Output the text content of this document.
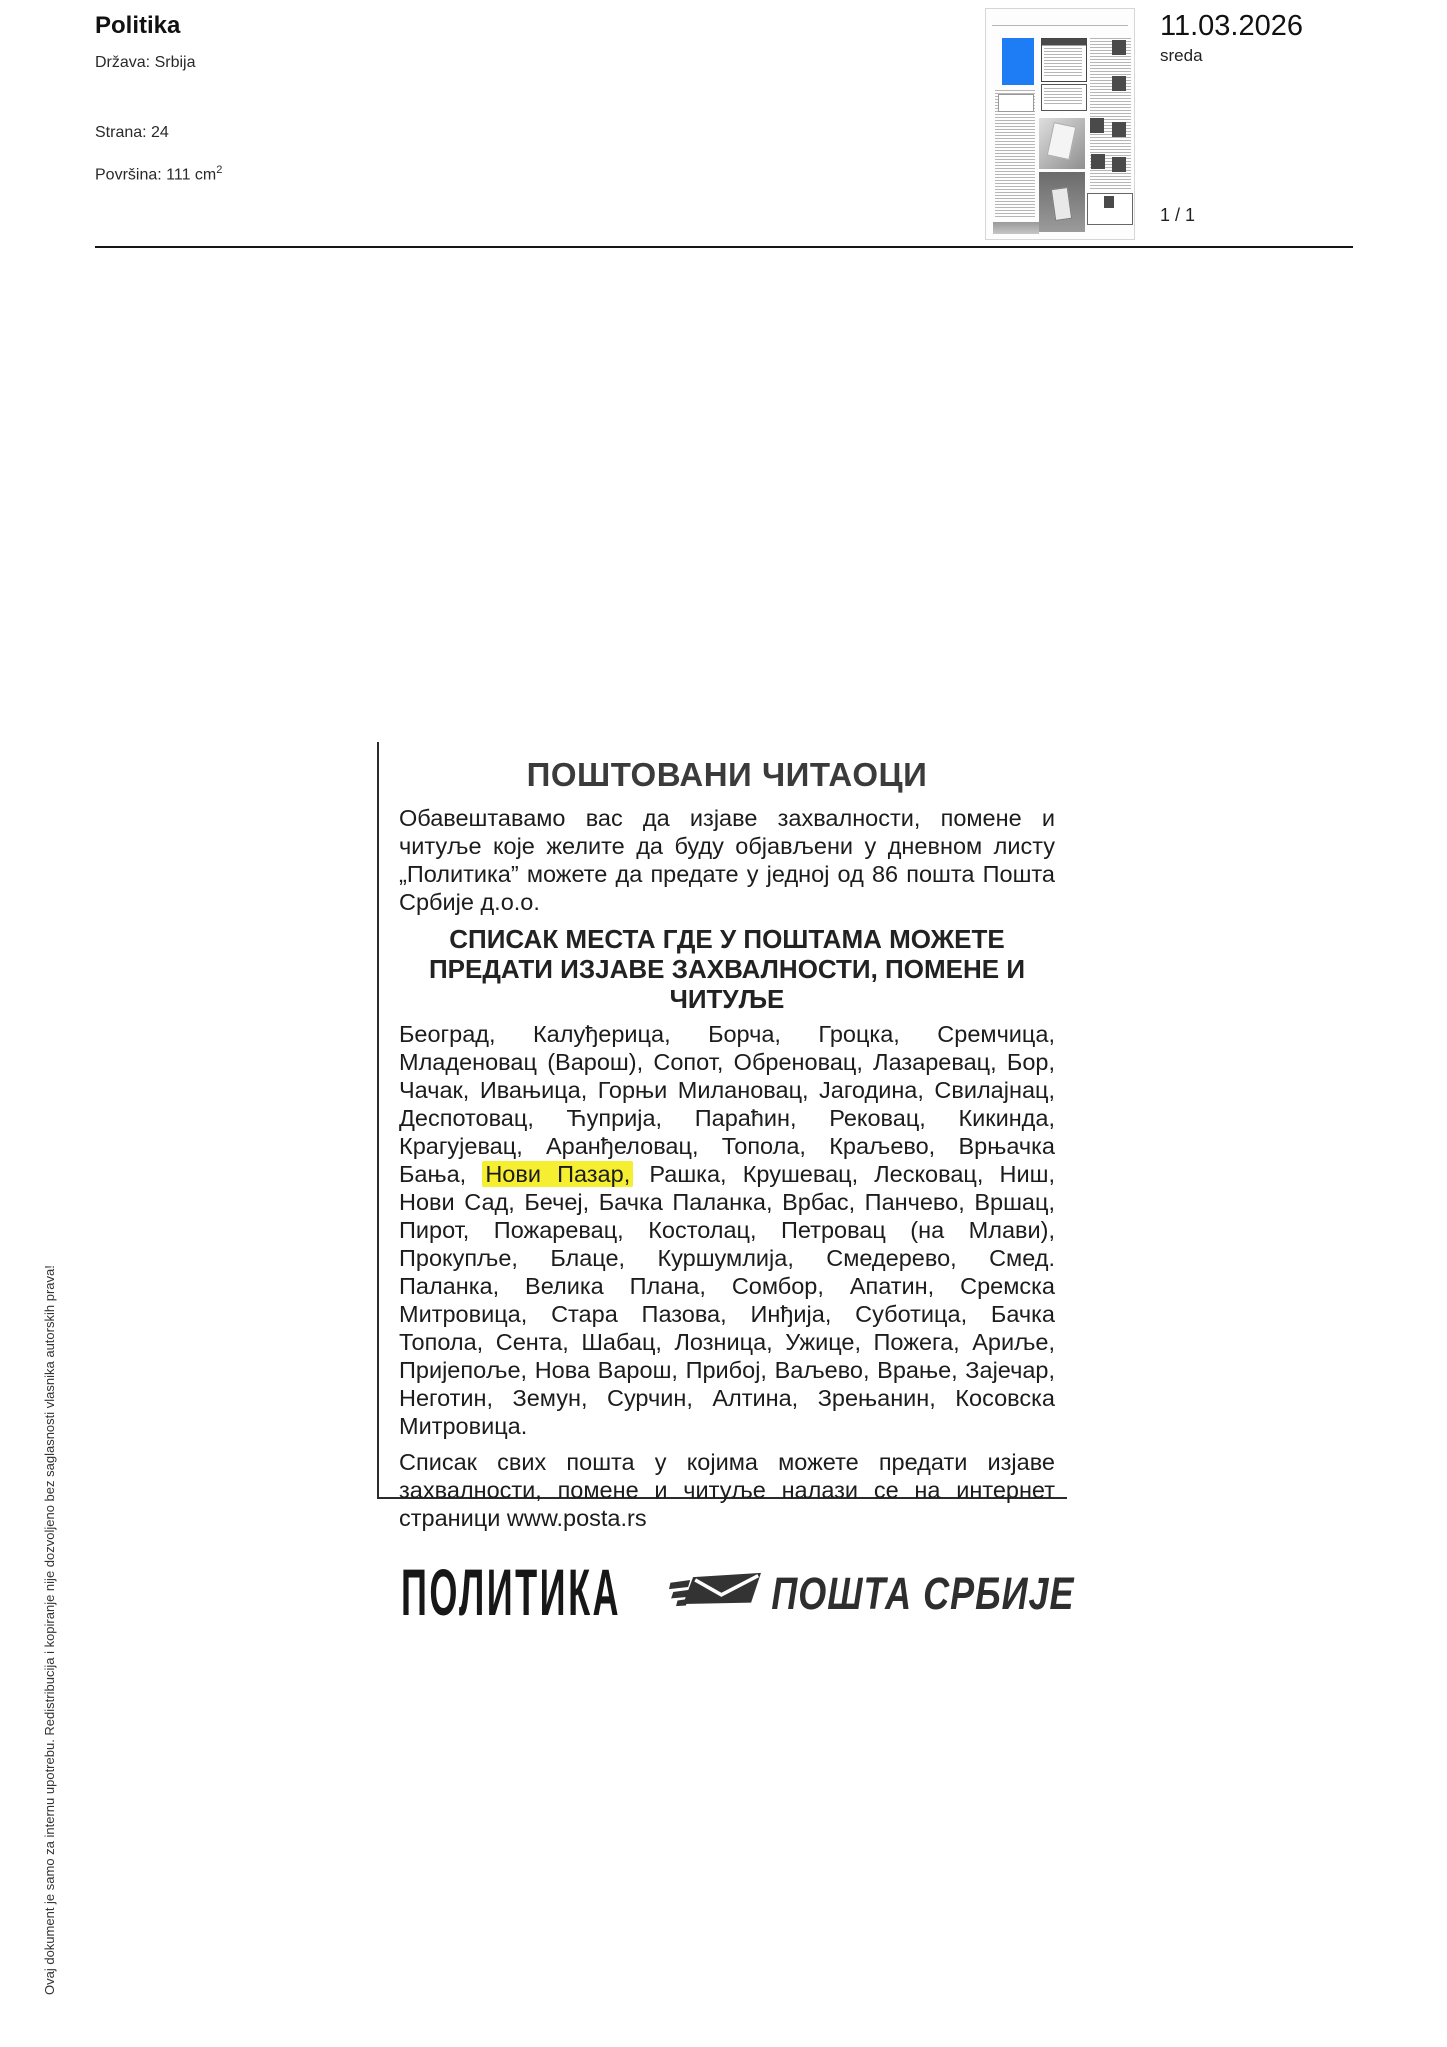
Politika
Država: Srbija
Strana: 24
Površina: 111 $cm^2$
11.03.2026
sreda
1 / 1
ПОШТОВАНИ ЧИТАОЦИ

Обавештавамо вас да изјаве захвалности, помене и читуље које желите да буду објављени у дневном листу „Политика” можете да предате у једној од 86 пошта Пошта Србије д.о.о.

СПИСАК МЕСТА ГДЕ У ПОШТАМА МОЖЕТЕ
ПРЕДАТИ ИЗЈАВЕ ЗАХВАЛНОСТИ, ПОМЕНЕ И ЧИТУЉЕ

Београд, Калуђерица, Борча, Гроцка, Сремчица, Младеновац (Варош), Сопот, Обреновац, Лазаревац, Бор, Чачак, Ивањица, Горњи Милановац, Јагодина, Свилајнац, Деспотовац, Ћуприја, Параћин, Рековац, Кикинда, Крагујевац, Аранђеловац, Топола, Краљево, Врњачка Бања, Нови Пазар, Рашка, Крушевац, Лесковац, Ниш, Нови Сад, Бечеј, Бачка Паланка, Врбас, Панчево, Вршац, Пирот, Пожаревац, Костолац, Петровац (на Млави), Прокупље, Блаце, Куршумлија, Смедерево, Смед. Паланка, Велика Плана, Сомбор, Апатин, Сремска Митровица, Стара Пазова, Инђија, Суботица, Бачка Топола, Сента, Шабац, Лозница, Ужице, Пожега, Ариље, Пријепоље, Нова Варош, Прибој, Ваљево, Врање, Зајечар, Неготин, Земун, Сурчин, Алтина, Зрењанин, Косовска Митровица.

Списак свих пошта у којима можете предати изјаве захвалности, помене и читуље налази се на интернет страници www.posta.rs

ПОЛИТИКА	ПОШТА СРБИЈЕ
Ovaj dokument je samo za internu upotrebu. Redistribucija i kopiranje nije dozvoljeno bez saglasnosti vlasnika autorskih prava!
